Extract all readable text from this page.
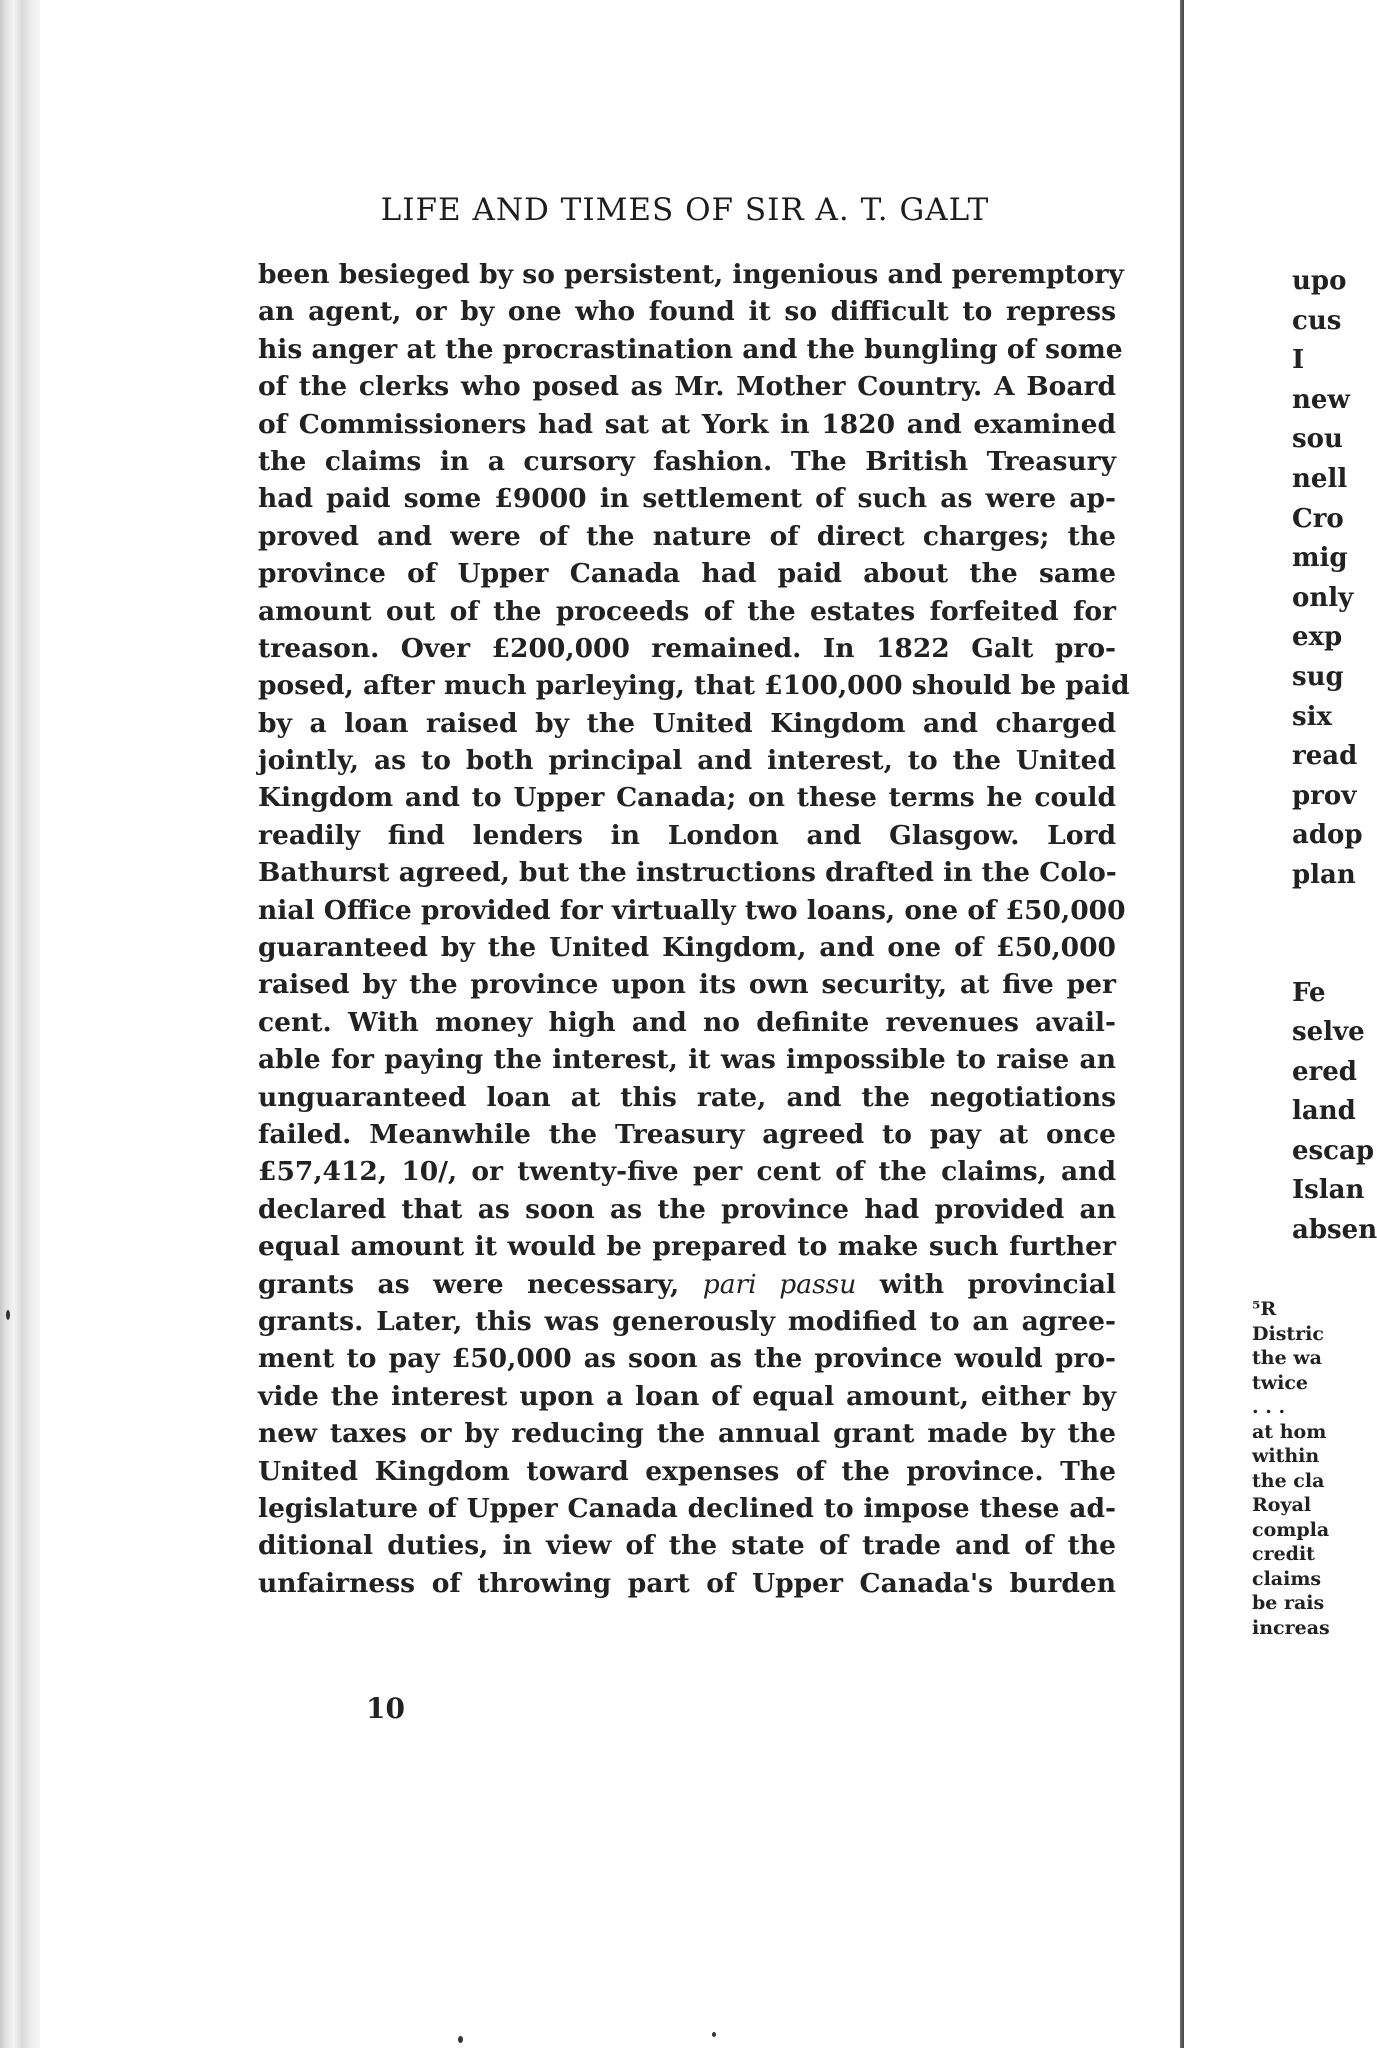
LIFE AND TIMES OF SIR A. T. GALT
been besieged by so persistent, ingenious and peremptory
an agent, or by one who found it so difficult to repress
his anger at the procrastination and the bungling of some
of the clerks who posed as Mr. Mother Country. A Board
of Commissioners had sat at York in 1820 and examined
the claims in a cursory fashion. The British Treasury
had paid some £9000 in settlement of such as were ap-
proved and were of the nature of direct charges; the
province of Upper Canada had paid about the same
amount out of the proceeds of the estates forfeited for
treason. Over £200,000 remained. In 1822 Galt pro-
posed, after much parleying, that £100,000 should be paid
by a loan raised by the United Kingdom and charged
jointly, as to both principal and interest, to the United
Kingdom and to Upper Canada; on these terms he could
readily find lenders in London and Glasgow. Lord
Bathurst agreed, but the instructions drafted in the Colo-
nial Office provided for virtually two loans, one of £50,000
guaranteed by the United Kingdom, and one of £50,000
raised by the province upon its own security, at five per
cent. With money high and no definite revenues avail-
able for paying the interest, it was impossible to raise an
unguaranteed loan at this rate, and the negotiations
failed. Meanwhile the Treasury agreed to pay at once
£57,412, 10/, or twenty-five per cent of the claims, and
declared that as soon as the province had provided an
equal amount it would be prepared to make such further
grants as were necessary, pari passu with provincial
grants. Later, this was generously modified to an agree-
ment to pay £50,000 as soon as the province would pro-
vide the interest upon a loan of equal amount, either by
new taxes or by reducing the annual grant made by the
United Kingdom toward expenses of the province. The
legislature of Upper Canada declined to impose these ad-
ditional duties, in view of the state of trade and of the
unfairness of throwing part of Upper Canada's burden
10
upo
cus
I
new
sou
nell
Cro
mig
only
exp
sug
six
read
prov
adop
plan
Fe
selve
ered
land
escap
Islan
absen
⁵R
Distric
the wa
twice
. . .
at hom
within
the cla
Royal
compla
credit
claims
be rais
increas
